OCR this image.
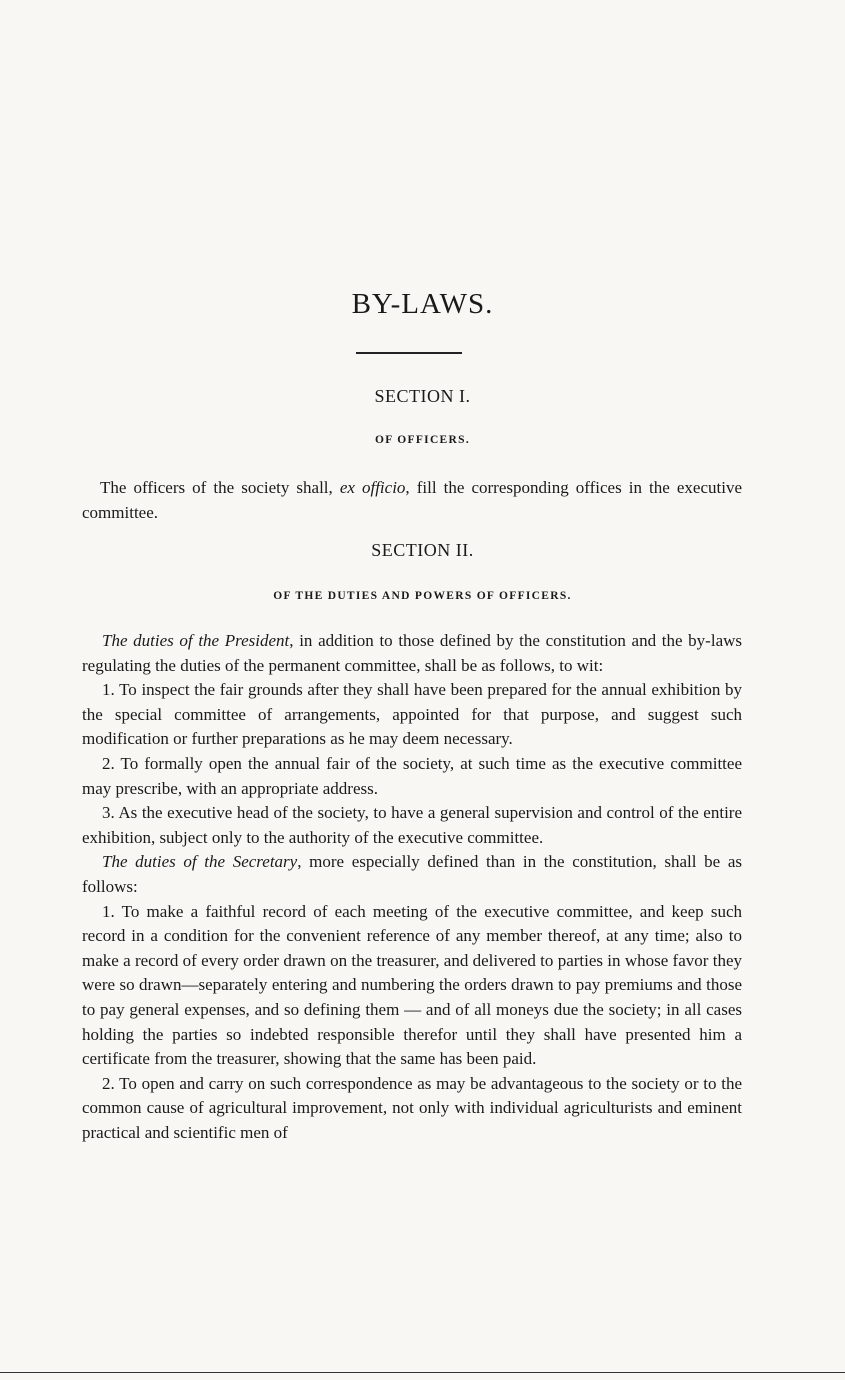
BY-LAWS.
SECTION I.
OF OFFICERS.

The officers of the society shall, ex officio, fill the corresponding offices in the executive committee.

SECTION II.
OF THE DUTIES AND POWERS OF OFFICERS.

The duties of the President, in addition to those defined by the constitution and the by-laws regulating the duties of the permanent committee, shall be as follows, to wit:

1. To inspect the fair grounds after they shall have been prepared for the annual exhibition by the special committee of arrangements, appointed for that purpose, and suggest such modification or further preparations as he may deem necessary.

2. To formally open the annual fair of the society, at such time as the executive committee may prescribe, with an appropriate address.

3. As the executive head of the society, to have a general supervision and control of the entire exhibition, subject only to the authority of the executive committee.

The duties of the Secretary, more especially defined than in the constitution, shall be as follows:

1. To make a faithful record of each meeting of the executive committee, and keep such record in a condition for the convenient reference of any member thereof, at any time; also to make a record of every order drawn on the treasurer, and delivered to parties in whose favor they were so drawn—separately entering and numbering the orders drawn to pay premiums and those to pay general expenses, and so defining them — and of all moneys due the society; in all cases holding the parties so indebted responsible therefor until they shall have presented him a certificate from the treasurer, showing that the same has been paid.

2. To open and carry on such correspondence as may be advantageous to the society or to the common cause of agricultural improvement, not only with individual agriculturists and eminent practical and scientific men of
